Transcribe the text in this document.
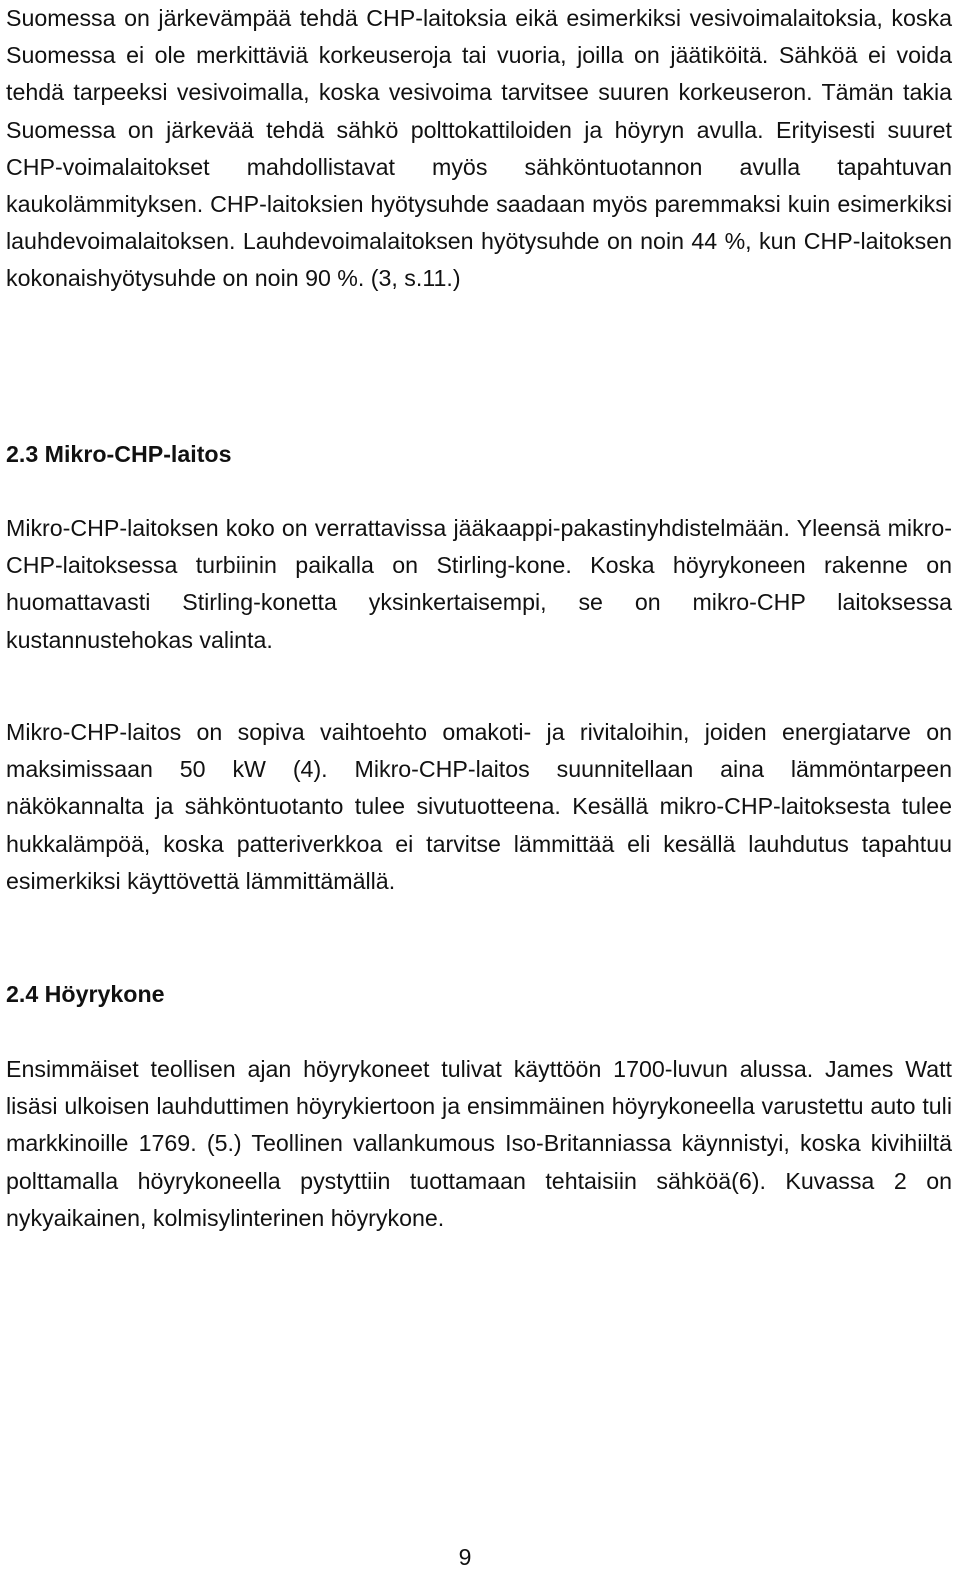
Suomessa on järkevämpää tehdä CHP-laitoksia eikä esimerkiksi vesivoimalaitoksia, koska Suomessa ei ole merkittäviä korkeuseroja tai vuoria, joilla on jäätiköitä. Sähköä ei voida tehdä tarpeeksi vesivoimalla, koska vesivoima tarvitsee suuren korkeuseron. Tämän takia Suomessa on järkevää tehdä sähkö polttokattiloiden ja höyryn avulla. Erityisesti suuret CHP-voimalaitokset mahdollistavat myös sähköntuotannon avulla tapahtuvan kaukolämmityksen. CHP-laitoksien hyötysuhde saadaan myös paremmaksi kuin esimerkiksi lauhdevoimalaitoksen. Lauhdevoimalaitoksen hyötysuhde on noin 44 %, kun CHP-laitoksen kokonaishyötysuhde on noin 90 %. (3, s.11.)

2.3 Mikro-CHP-laitos

Mikro-CHP-laitoksen koko on verrattavissa jääkaappi-pakastinyhdistelmään. Yleensä mikro-CHP-laitoksessa turbiinin paikalla on Stirling-kone. Koska höyrykoneen rakenne on huomattavasti Stirling-konetta yksinkertaisempi, se on mikro-CHP laitoksessa kustannustehokas valinta.

Mikro-CHP-laitos on sopiva vaihtoehto omakoti- ja rivitaloihin, joiden energiatarve on maksimissaan 50 kW (4). Mikro-CHP-laitos suunnitellaan aina lämmöntarpeen näkökannalta ja sähköntuotanto tulee sivutuotteena. Kesällä mikro-CHP-laitoksesta tulee hukkalämpöä, koska patteriverkkoa ei tarvitse lämmittää eli kesällä lauhdutus tapahtuu esimerkiksi käyttövettä lämmittämällä.

2.4 Höyrykone

Ensimmäiset teollisen ajan höyrykoneet tulivat käyttöön 1700-luvun alussa. James Watt lisäsi ulkoisen lauhduttimen höyrykiertoon ja ensimmäinen höyrykoneella varustettu auto tuli markkinoille 1769. (5.) Teollinen vallankumous Iso-Britanniassa käynnistyi, koska kivihiiltä polttamalla höyrykoneella pystyttiin tuottamaan tehtaisiin sähköä(6). Kuvassa 2 on nykyaikainen, kolmisylinterinen höyrykone.

9
